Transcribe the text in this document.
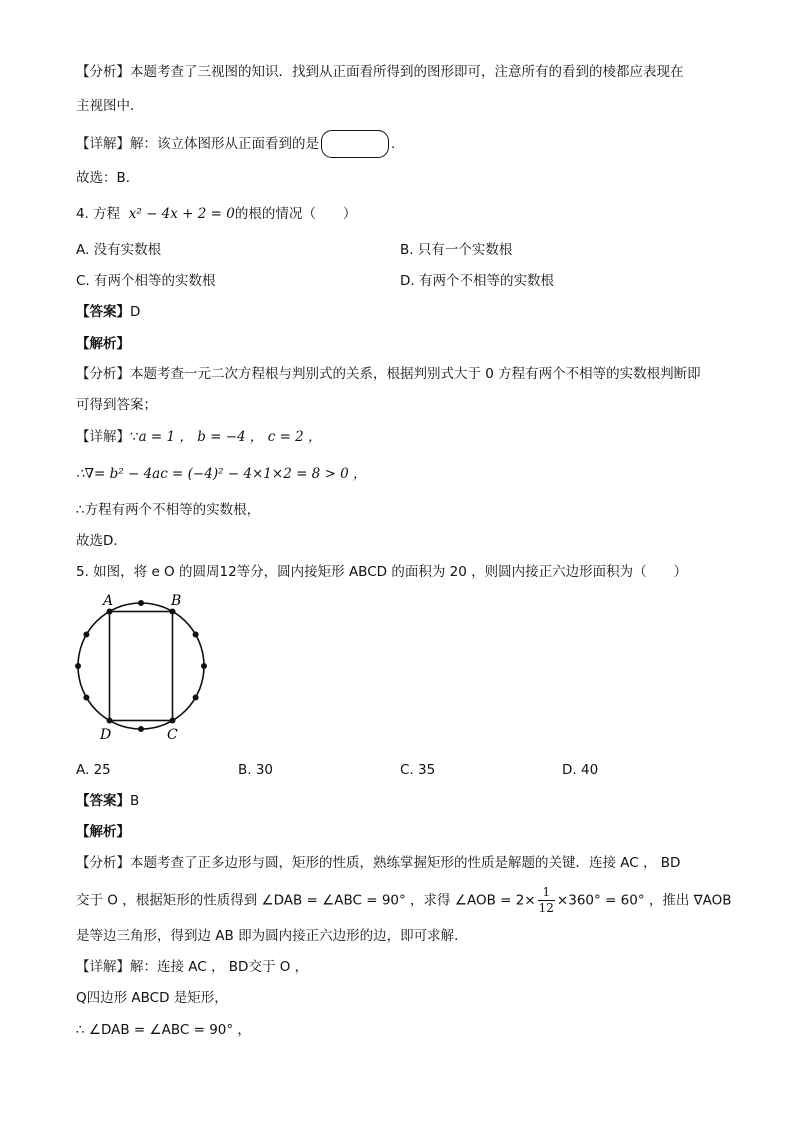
【分析】本题考查了三视图的知识．找到从正面看所得到的图形即可，注意所有的看到的棱都应表现在
主视图中．
【详解】解：该立体图形从正面看到的是	.
故选：B．
4. 方程 x² − 4x + 2 = 0的根的情况（　　）
A. 没有实数根	B. 只有一个实数根
C. 有两个相等的实数根	D. 有两个不相等的实数根
【答案】D
【解析】
【分析】本题考查一元二次方程根与判别式的关系，根据判别式大于 0 方程有两个不相等的实数根判断即
可得到答案；
【详解】∵a = 1 ， b = −4 ， c = 2 ，
∴∇= b² − 4ac = (−4)² − 4×1×2 = 8 > 0 ，
∴方程有两个不相等的实数根，
故选D．
5. 如图，将 e O 的圆周12等分，圆内接矩形 ABCD 的面积为 20 ，则圆内接正六边形面积为（　　）
A	B
D	C
A. 25	B. 30	C. 35	D. 40
【答案】B
【解析】
【分析】本题考查了正多边形与圆，矩形的性质，熟练掌握矩形的性质是解题的关键．连接 AC ， BD
交于 O ，根据矩形的性质得到 ∠DAB = ∠ABC = 90° ，求得 ∠AOB = $2\times \frac{1}{12} \times 360^\circ = 60^\circ$ ，推出 ∇AOB
是等边三角形，得到边 AB 即为圆内接正六边形的边，即可求解．
【详解】解：连接 AC ， BD交于 O ，
Q四边形 ABCD 是矩形，
∴ ∠DAB = ∠ABC = 90° ，
